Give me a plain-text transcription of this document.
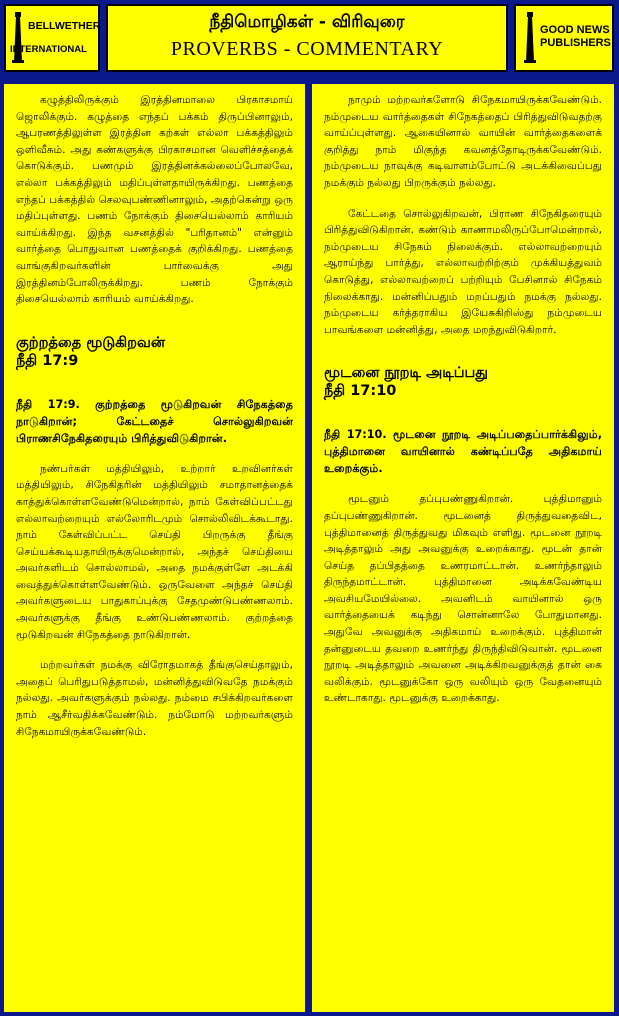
BELLWETHER
INTERNATIONAL
நீதிமொழிகள் - விரிவுரை
PROVERBS - COMMENTARY
GOOD NEWS
PUBLISHERS

கழுத்திலிருக்கும் இரத்தினமாலை பிரகாசமாய் ஜொலிக்கும். கழுத்தை எந்தப் பக்கம் திருப்பினாலும், ஆபரணத்திலுள்ள இரத்தின கற்கள் எல்லா பக்கத்திலும் ஒளிவீசும். அது கண்களுக்கு பிரகாசமான வெளிச்சத்தைக் கொடுக்கும். பணமும் இரத்தினக்கல்லைப்போலவே, எல்லா பக்கத்திலும் மதிப்புள்ளதாயிருக்கிறது. பணத்தை எந்தப் பக்கத்தில் செலவுபண்ணினாலும், அதற்கென்று ஒரு மதிப்புள்ளது. பணம் நோக்கும் திசையெல்லாம் காரியம் வாய்க்கிறது. இந்த வசனத்தில் "பரிதானம்" என்னும் வார்த்தை பொதுவான பணத்தைக் குறிக்கிறது. பணத்தை வாங்குகிறவர்களின் பார்வைக்கு அது இரத்தினம்போலிருக்கிறது. பணம் நோக்கும் திசையெல்லாம் காரியம் வாய்க்கிறது.

குற்றத்தை மூடுகிறவன்
நீதி 17:9

நீதி 17:9. குற்றத்தை மூடுகிறவன் சிநேகத்தை நாடுகிறான்; கேட்டதைச் சொல்லுகிறவன் பிராணசிநேகிதரையும் பிரித்துவிடுகிறான்.

நண்பர்கள் மத்தியிலும், உற்றார் உறவினர்கள் மத்தியிலும், சிநேகிதரின் மத்தியிலும் சமாதானத்தைக் காத்துக்கொள்ளவேண்டுமென்றால், நாம் கேள்விப்பட்டது எல்லாவற்றையும் எல்லோரிடமும் சொல்லிவிடக்கூடாது. நாம் கேள்விப்பட்ட செய்தி பிறருக்கு தீங்கு செய்யக்கூடியதாயிருக்குமென்றால், அந்தச் செய்தியை அவர்களிடம் சொல்லாமல், அதை நமக்குள்ளே அடக்கி வைத்துக்கொள்ளவேண்டும். ஒருவேளை அந்தச் செய்தி அவர்களுடைய பாதுகாப்புக்கு சேதமுண்டுபண்ணலாம். அவர்களுக்கு தீங்கு உண்டுபண்ணலாம். குற்றத்தை மூடுகிறவன் சிநேகத்தை நாடுகிறான்.

மற்றவர்கள் நமக்கு விரோதமாகத் தீங்குசெய்தாலும், அதைப் பெரிதுபடுத்தாமல், மன்னித்துவிடுவதே நமக்கும் நல்லது. அவர்களுக்கும் நல்லது. நம்மை சபிக்கிறவர்களை நாம் ஆசீர்வதிக்கவேண்டும். நம்மோடு மற்றவர்களும் சிநேகமாயிருக்கவேண்டும்.

நாமும் மற்றவர்களோடு சிநேகமாயிருக்கவேண்டும். நம்முடைய வார்த்தைகள் சிநேகத்தைப் பிரித்துவிடுவதற்கு வாய்ப்புள்ளது. ஆகையினால் வாயின் வார்த்தைகளைக் குறித்து நாம் மிகுந்த கவனத்தோடிருக்கவேண்டும். நம்முடைய நாவுக்கு கடிவாளம்போட்டு அடக்கிவைப்பது நமக்கும் நல்லது பிறருக்கும் நல்லது.

கேட்டதை சொல்லுகிறவன், பிராண சிநேகிதரையும் பிரித்துவிடுகிறான். கண்டும் காணாமலிருப்போமென்றால், நம்முடைய சிநேகம் நிலைக்கும். எல்லாவற்றையும் ஆராய்ந்து பார்த்து, எல்லாவற்றிற்கும் முக்கியத்துவம் கொடுத்து, எல்லாவற்றைப் பற்றியும் பேசினால் சிநேகம் நிலைக்காது. மன்னிப்பதும் மறப்பதும் நமக்கு நல்லது. நம்முடைய கர்த்தராகிய இயேசுகிறிஸ்து நம்முடைய பாவங்களை மன்னித்து, அதை மறந்துவிடுகிறார்.

மூடனை நூறடி அடிப்பது
நீதி 17:10

நீதி 17:10. மூடனை நூறடி அடிப்பதைப்பார்க்கிலும், புத்திமானை வாயினால் கண்டிப்பதே அதிகமாய் உறைக்கும்.

மூடனும் தப்புபண்ணுகிறான். புத்திமானும் தப்புபண்ணுகிறான். மூடனைத் திருத்துவதைவிட, புத்திமானைத் திருத்துவது மிகவும் எளிது. மூடனை நூறடி அடித்தாலும் அது அவனுக்கு உறைக்காது. மூடன் தான் செய்த தப்பிதத்தை உணரமாட்டான். உணர்ந்தாலும் திருந்தமாட்டான். புத்திமானை அடிக்கவேண்டிய அவசியமேயில்லை. அவனிடம் வாயினால் ஒரு வார்த்தையைக் கடிந்து சொன்னாலே போதுமானது. அதுவே அவனுக்கு அதிகமாய் உறைக்கும். புத்திமான் தன்னுடைய தவறை உணர்ந்து திருந்திவிடுவான். மூடனை நூறடி அடித்தாலும் அவனை அடிக்கிறவனுக்குத் தான் கை வலிக்கும். மூடனுக்கோ ஒரு வலியும் ஒரு வேதனையும் உண்டாகாது. மூடனுக்கு உறைக்காது.
